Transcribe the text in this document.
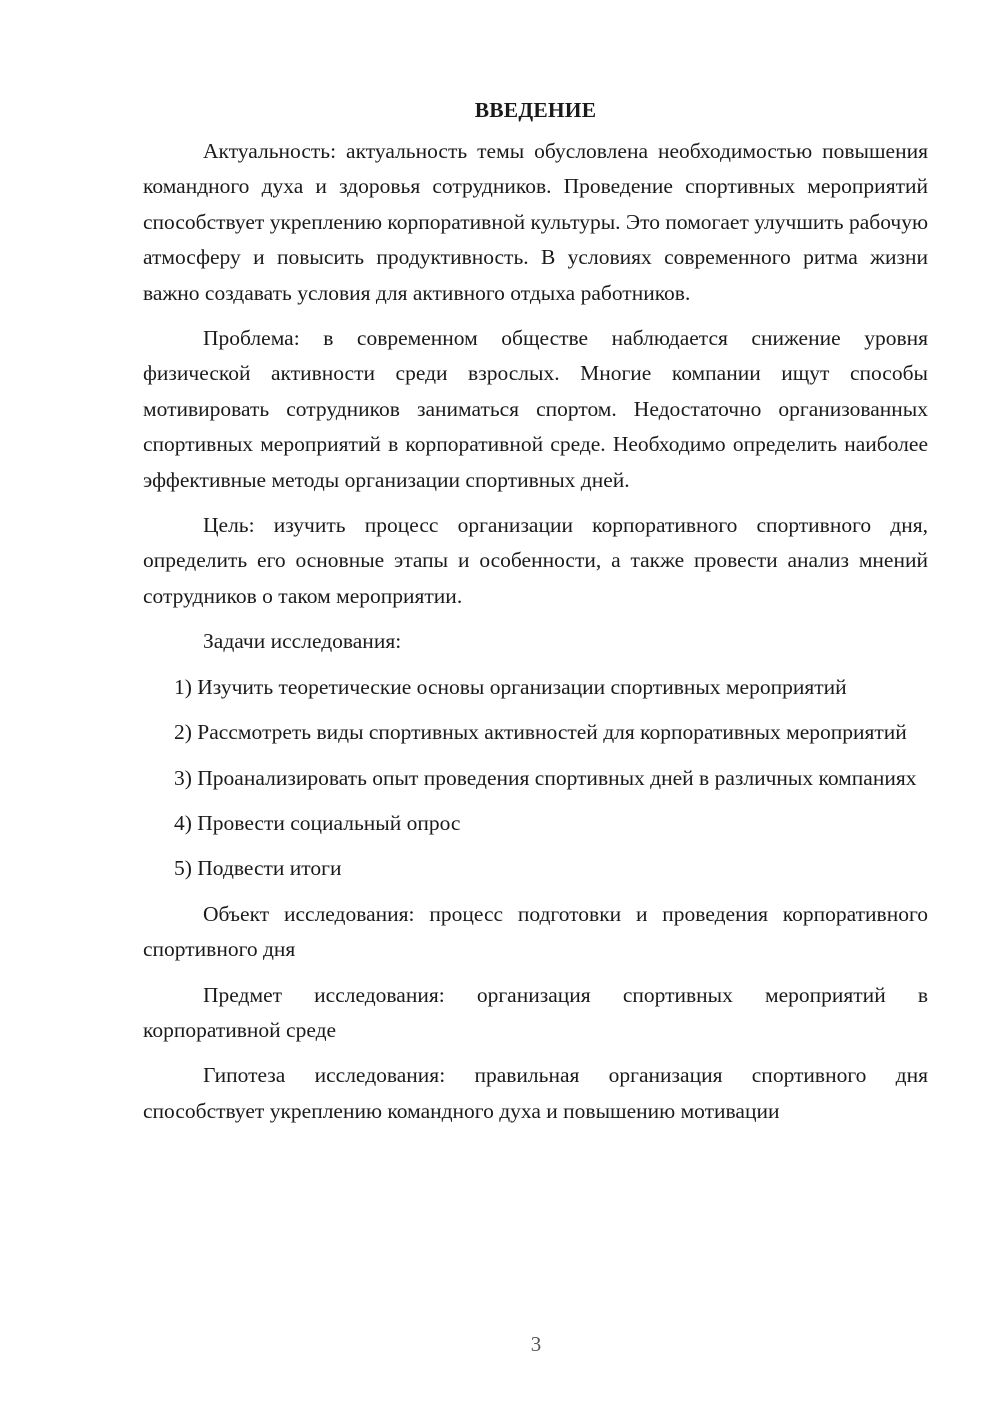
ВВЕДЕНИЕ

Актуальность: актуальность темы обусловлена необходимостью повышения командного духа и здоровья сотрудников. Проведение спортивных мероприятий способствует укреплению корпоративной культуры. Это помогает улучшить рабочую атмосферу и повысить продуктивность. В условиях современного ритма жизни важно создавать условия для активного отдыха работников.

Проблема: в современном обществе наблюдается снижение уровня физической активности среди взрослых. Многие компании ищут способы мотивировать сотрудников заниматься спортом. Недостаточно организованных спортивных мероприятий в корпоративной среде. Необходимо определить наиболее эффективные методы организации спортивных дней.

Цель: изучить процесс организации корпоративного спортивного дня, определить его основные этапы и особенности, а также провести анализ мнений сотрудников о таком мероприятии.

Задачи исследования:

1) Изучить теоретические основы организации спортивных мероприятий

2) Рассмотреть виды спортивных активностей для корпоративных мероприятий

3) Проанализировать опыт проведения спортивных дней в различных компаниях

4) Провести социальный опрос

5) Подвести итоги

Объект исследования: процесс подготовки и проведения корпоративного спортивного дня

Предмет исследования: организация спортивных мероприятий в корпоративной среде

Гипотеза исследования: правильная организация спортивного дня способствует укреплению командного духа и повышению мотивации

3
